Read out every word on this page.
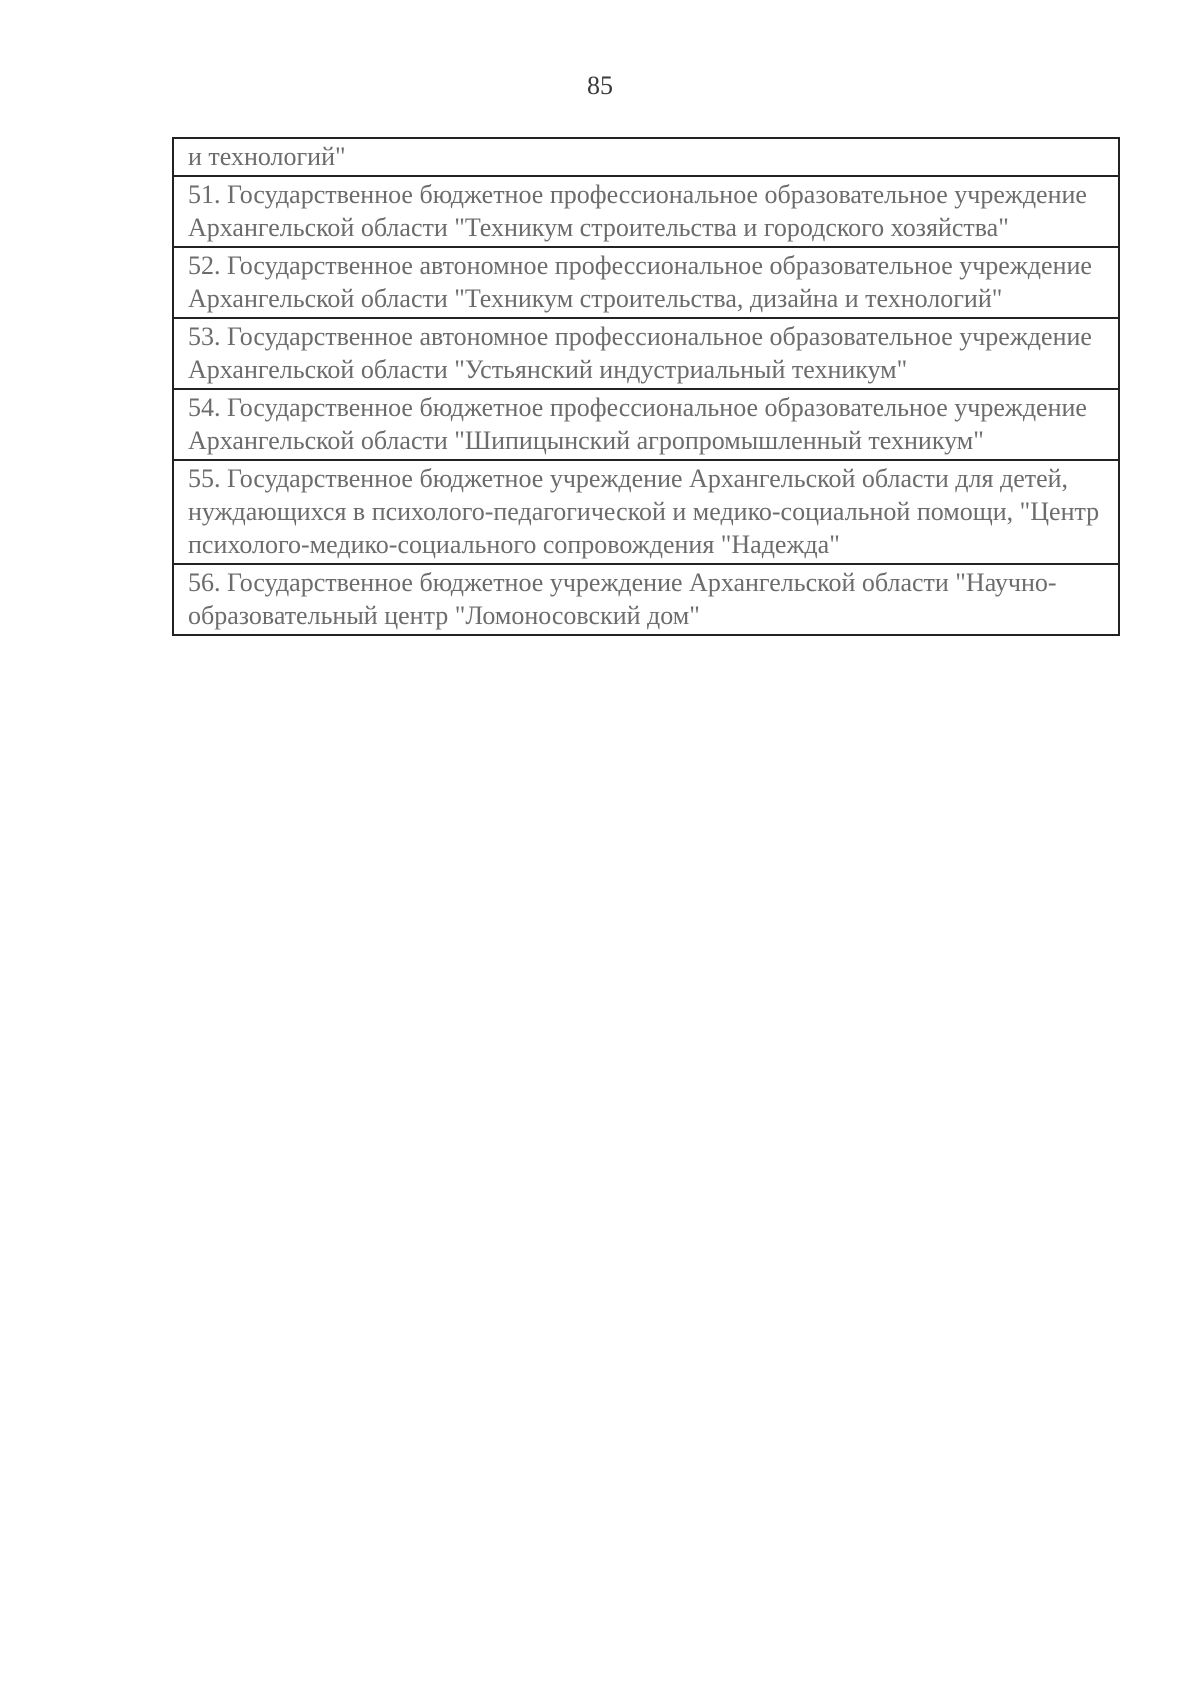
85
и технологий"
51. Государственное бюджетное профессиональное образовательное учреждение Архангельской области "Техникум строительства и городского хозяйства"
52. Государственное автономное профессиональное образовательное учреждение Архангельской области "Техникум строительства, дизайна и технологий"
53. Государственное автономное профессиональное образовательное учреждение Архангельской области "Устьянский индустриальный техникум"
54. Государственное бюджетное профессиональное образовательное учреждение Архангельской области "Шипицынский агропромышленный техникум"
55. Государственное бюджетное учреждение Архангельской области для детей, нуждающихся в психолого-педагогической и медико-социальной помощи, "Центр психолого-медико-социального сопровождения "Надежда"
56. Государственное бюджетное учреждение Архангельской области "Научно-образовательный центр "Ломоносовский дом"
